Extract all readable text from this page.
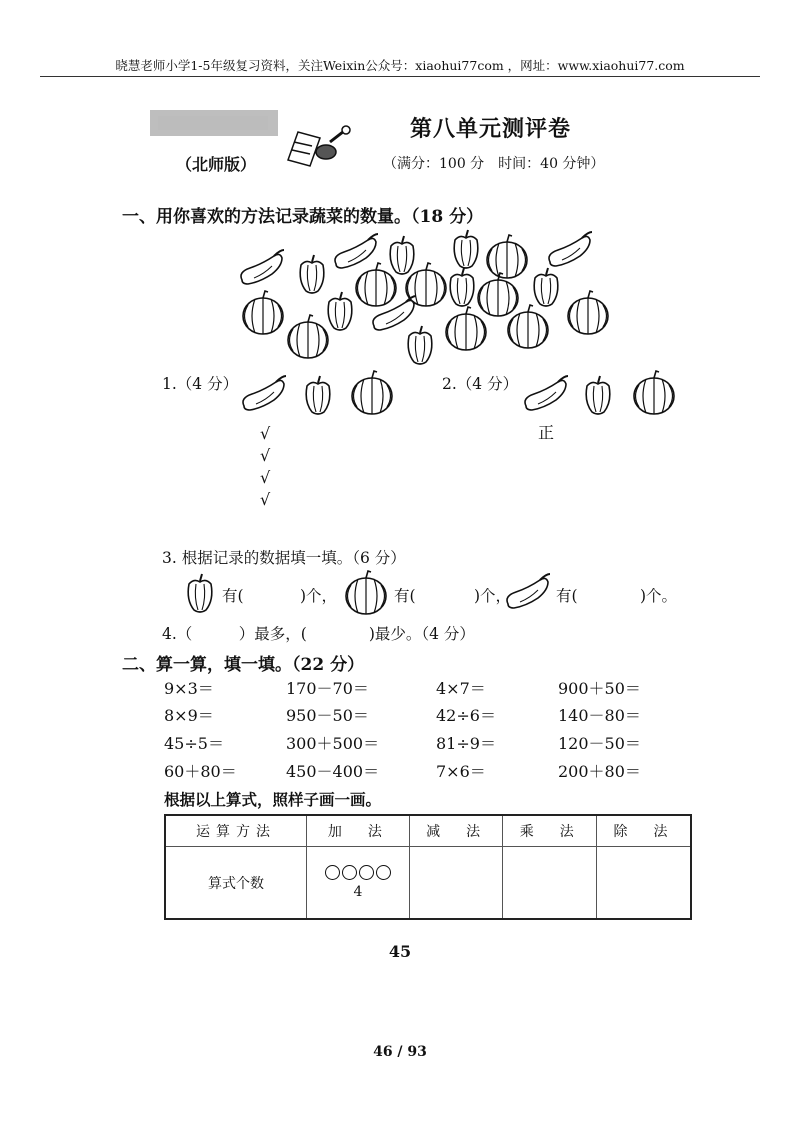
晓慧老师小学1-5年级复习资料，关注Weixin公众号：xiaohui77com ，网址：www.xiaohui77.com
第八单元测评卷
（北师版）	（满分：100 分　时间：40 分钟）
一、用你喜欢的方法记录蔬菜的数量。（18 分）
1.（4 分）
√
√
√
√
2.（4 分）
正
3. 根据记录的数据填一填。（6 分）
有(	)个，	有(	)个，	有(	)个。
4.（　　　）最多，(　　　　)最少。（4 分）
二、算一算，填一填。（22 分）
9×3＝	170－70＝	4×7＝	900＋50＝
8×9＝	950－50＝	42÷6＝	140－80＝
45÷5＝	300＋500＝	81÷9＝	120－50＝
60＋80＝	450－400＝	7×6＝	200＋80＝
根据以上算式，照样子画一画。
运算方法	加　法	减　法	乘　法	除　法
算式个数	4			

45
46 / 93
